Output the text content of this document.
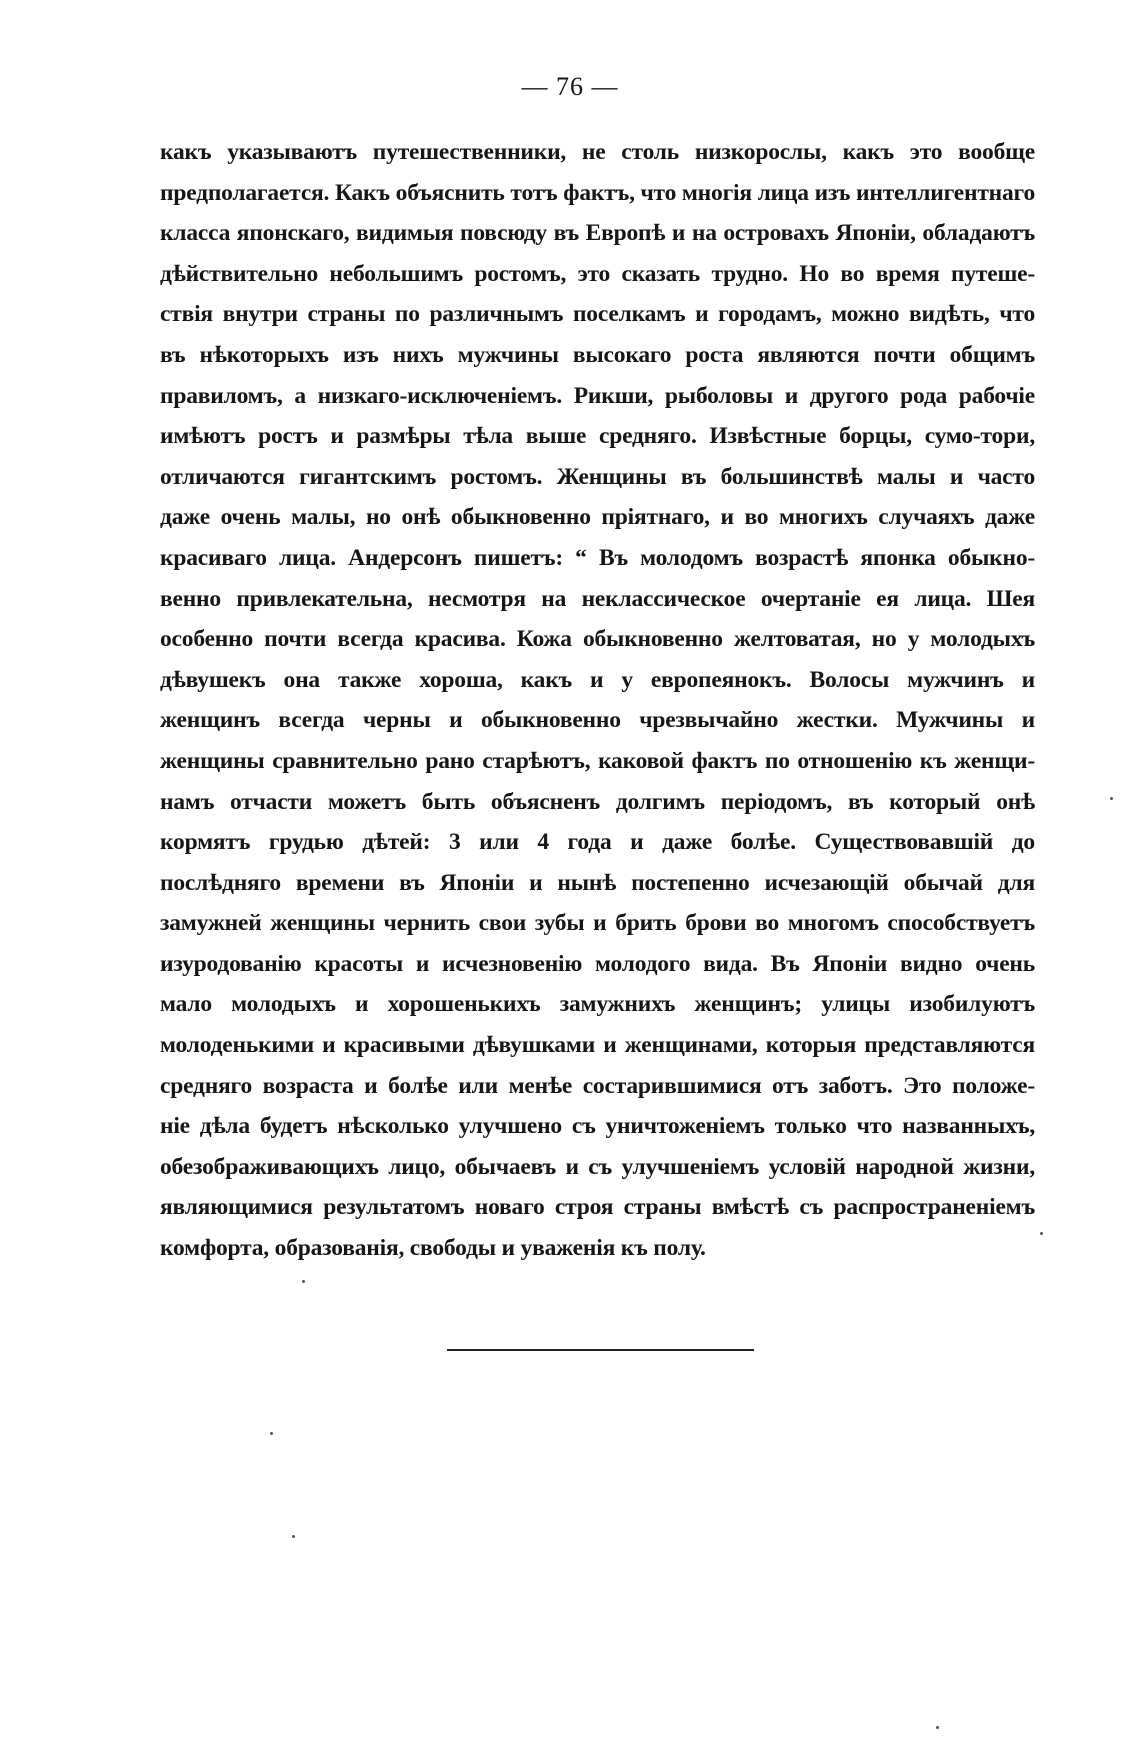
— 76 —
какъ указываютъ путешественники, не столь низкорослы, какъ это вообще
предполагается. Какъ объяснить тотъ фактъ, что многія лица изъ интеллигентнаго
класса японскаго, видимыя повсюду въ Европѣ и на островахъ Японіи, обладаютъ
дѣйствительно небольшимъ ростомъ, это сказать трудно. Но во время путеше-
ствія внутри страны по различнымъ поселкамъ и городамъ, можно видѣть, что
въ нѣкоторыхъ изъ нихъ мужчины высокаго роста являются почти общимъ
правиломъ, а низкаго-исключеніемъ. Рикши, рыболовы и другого рода рабочіе
имѣютъ ростъ и размѣры тѣла выше средняго. Извѣстные борцы, сумо-тори,
отличаются гигантскимъ ростомъ. Женщины въ большинствѣ малы и часто
даже очень малы, но онѣ обыкновенно пріятнаго, и во многихъ случаяхъ даже
красиваго лица. Андерсонъ пишетъ: “ Въ молодомъ возрастѣ японка обыкно-
венно привлекательна, несмотря на неклассическое очертаніе ея лица. Шея
особенно почти всегда красива. Кожа обыкновенно желтоватая, но у молодыхъ
дѣвушекъ она также хороша, какъ и у европеянокъ. Волосы мужчинъ и
женщинъ всегда черны и обыкновенно чрезвычайно жестки. Мужчины и
женщины сравнительно рано старѣютъ, каковой фактъ по отношенію къ женщи-
намъ отчасти можетъ быть объясненъ долгимъ періодомъ, въ который онѣ
кормятъ грудью дѣтей: 3 или 4 года и даже болѣе. Существовавшій до
послѣдняго времени въ Японіи и нынѣ постепенно исчезающій обычай для
замужней женщины чернить свои зубы и брить брови во многомъ способствуетъ
изуродованію красоты и исчезновенію молодого вида. Въ Японіи видно очень
мало молодыхъ и хорошенькихъ замужнихъ женщинъ; улицы изобилуютъ
молоденькими и красивыми дѣвушками и женщинами, которыя представляются
средняго возраста и болѣе или менѣе состарившимися отъ заботъ. Это положе-
ніе дѣла будетъ нѣсколько улучшено съ уничтоженіемъ только что названныхъ,
обезображивающихъ лицо, обычаевъ и съ улучшеніемъ условій народной жизни,
являющимися результатомъ новаго строя страны вмѣстѣ съ распространеніемъ
комфорта, образованія, свободы и уваженія къ полу.
